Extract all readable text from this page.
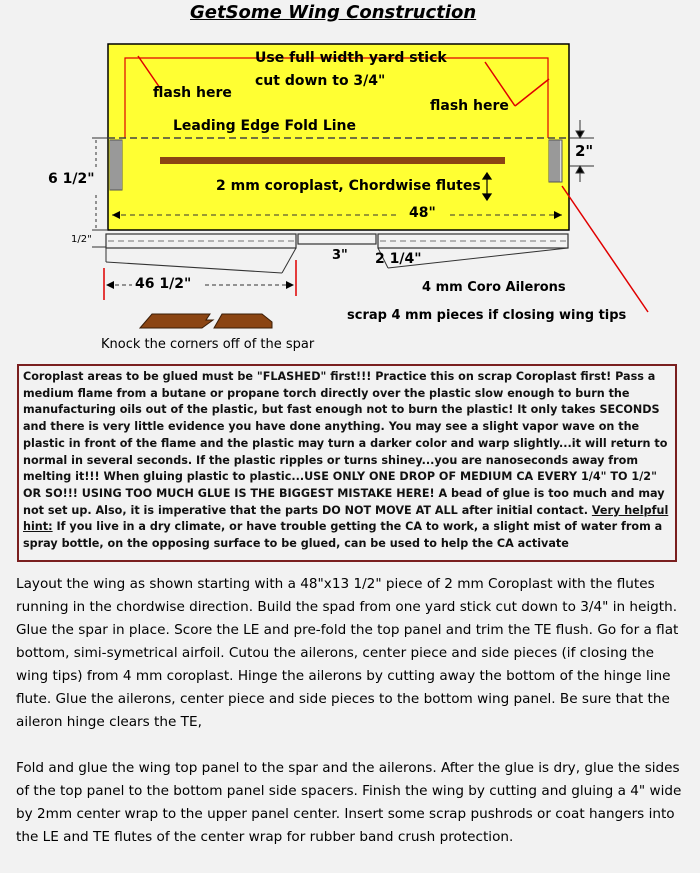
GetSome Wing Construction
Use full width yard stick
cut down to 3/4"
flash here
flash here
Leading Edge Fold Line
2 mm coroplast, Chordwise flutes
48"
6 1/2"
1/2"
2"
3" 2 1/4"
46 1/2"	4 mm Coro Ailerons
scrap 4 mm pieces if closing wing tips
Knock the corners off of the spar
Coroplast areas to be glued must be "FLASHED" first!!! Practice this on scrap Coroplast first! Pass a medium flame from a butane or propane torch directly over the plastic slow enough to burn the manufacturing oils out of the plastic, but fast enough not to burn the plastic! It only takes SECONDS and there is very little evidence you have done anything. You may see a slight vapor wave on the plastic in front of the flame and the plastic may turn a darker color and warp slightly...it will return to normal in several seconds. If the plastic ripples or turns shiney...you are nanoseconds away from melting it!!! When gluing plastic to plastic...USE ONLY ONE DROP OF MEDIUM CA EVERY 1/4" TO 1/2" OR SO!!! USING TOO MUCH GLUE IS THE BIGGEST MISTAKE HERE! A bead of glue is too much and may not set up. Also, it is imperative that the parts DO NOT MOVE AT ALL after initial contact. Very helpful hint: If you live in a dry climate, or have trouble getting the CA to work, a slight mist of water from a spray bottle, on the opposing surface to be glued, can be used to help the CA activate
Layout the wing as shown starting with a 48"x13 1/2" piece of 2 mm Coroplast with the flutes running in the chordwise direction. Build the spad from one yard stick cut down to 3/4" in heigth. Glue the spar in place. Score the LE and pre-fold the top panel and trim the TE flush. Go for a flat bottom, simi-symetrical airfoil. Cutou the ailerons, center piece and side pieces (if closing the wing tips) from 4 mm coroplast. Hinge the ailerons by cutting away the bottom of the hinge line flute. Glue the ailerons, center piece and side pieces to the bottom wing panel. Be sure that the aileron hinge clears the TE,
Fold and glue the wing top panel to the spar and the ailerons. After the glue is dry, glue the sides of the top panel to the bottom panel side spacers. Finish the wing by cutting and gluing a 4" wide by 2mm center wrap to the upper panel center. Insert some scrap pushrods or coat hangers into the LE and TE flutes of the center wrap for rubber band crush protection.
